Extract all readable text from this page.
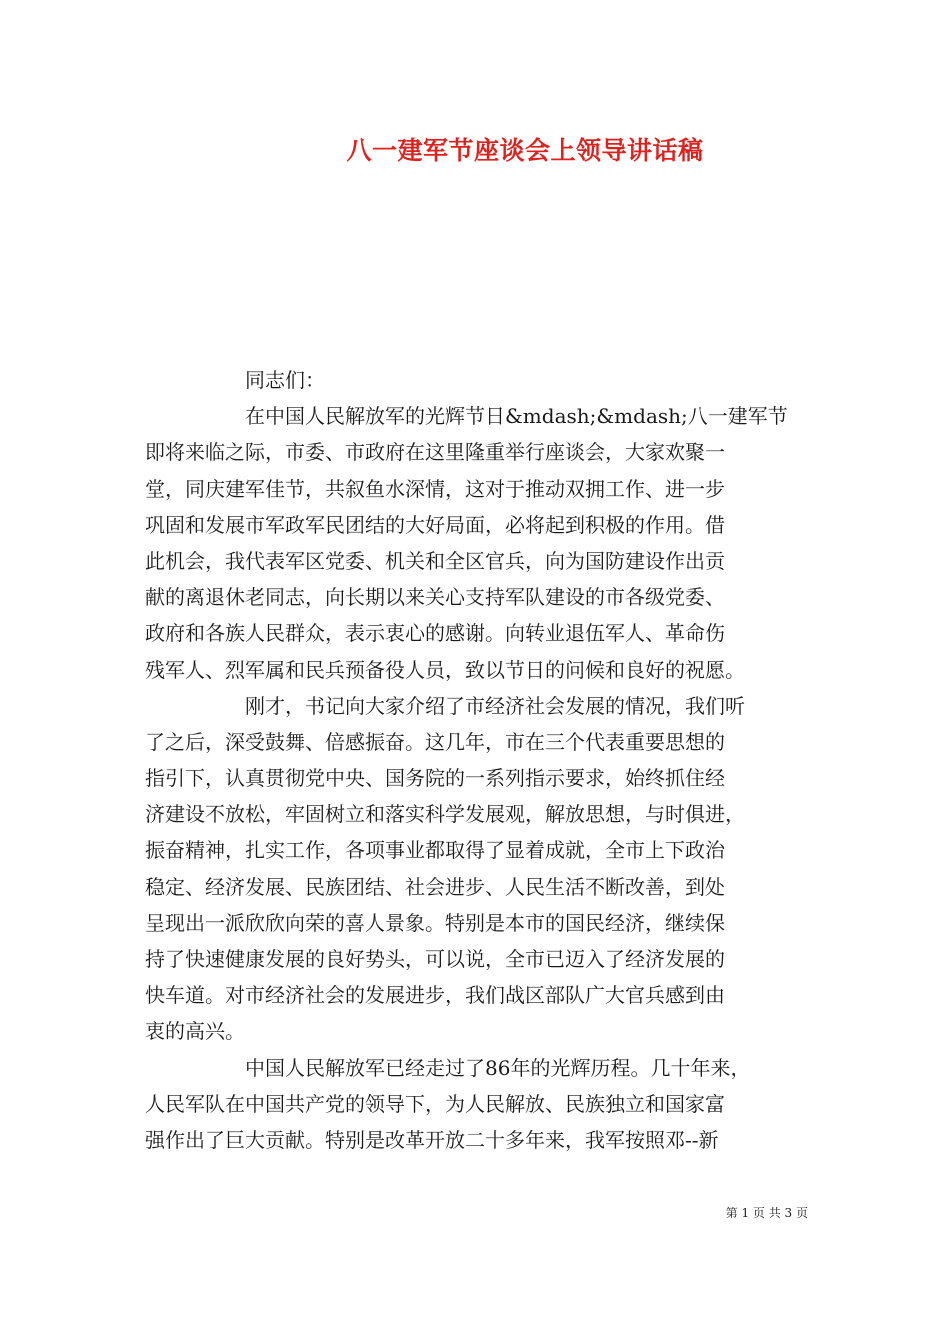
八一建军节座谈会上领导讲话稿
同志们：
在中国人民解放军的光辉节日&mdash;&mdash;八一建军节
即将来临之际，市委、市政府在这里隆重举行座谈会，大家欢聚一
堂，同庆建军佳节，共叙鱼水深情，这对于推动双拥工作、进一步
巩固和发展市军政军民团结的大好局面，必将起到积极的作用。借
此机会，我代表军区党委、机关和全区官兵，向为国防建设作出贡
献的离退休老同志，向长期以来关心支持军队建设的市各级党委、
政府和各族人民群众，表示衷心的感谢。向转业退伍军人、革命伤
残军人、烈军属和民兵预备役人员，致以节日的问候和良好的祝愿。
刚才，书记向大家介绍了市经济社会发展的情况，我们听
了之后，深受鼓舞、倍感振奋。这几年，市在三个代表重要思想的
指引下，认真贯彻党中央、国务院的一系列指示要求，始终抓住经
济建设不放松，牢固树立和落实科学发展观，解放思想，与时俱进，
振奋精神，扎实工作，各项事业都取得了显着成就，全市上下政治
稳定、经济发展、民族团结、社会进步、人民生活不断改善，到处
呈现出一派欣欣向荣的喜人景象。特别是本市的国民经济，继续保
持了快速健康发展的良好势头，可以说，全市已迈入了经济发展的
快车道。对市经济社会的发展进步，我们战区部队广大官兵感到由
衷的高兴。
中国人民解放军已经走过了86年的光辉历程。几十年来，
人民军队在中国共产党的领导下，为人民解放、民族独立和国家富
强作出了巨大贡献。特别是改革开放二十多年来，我军按照邓--新
第 1 页 共 3 页
